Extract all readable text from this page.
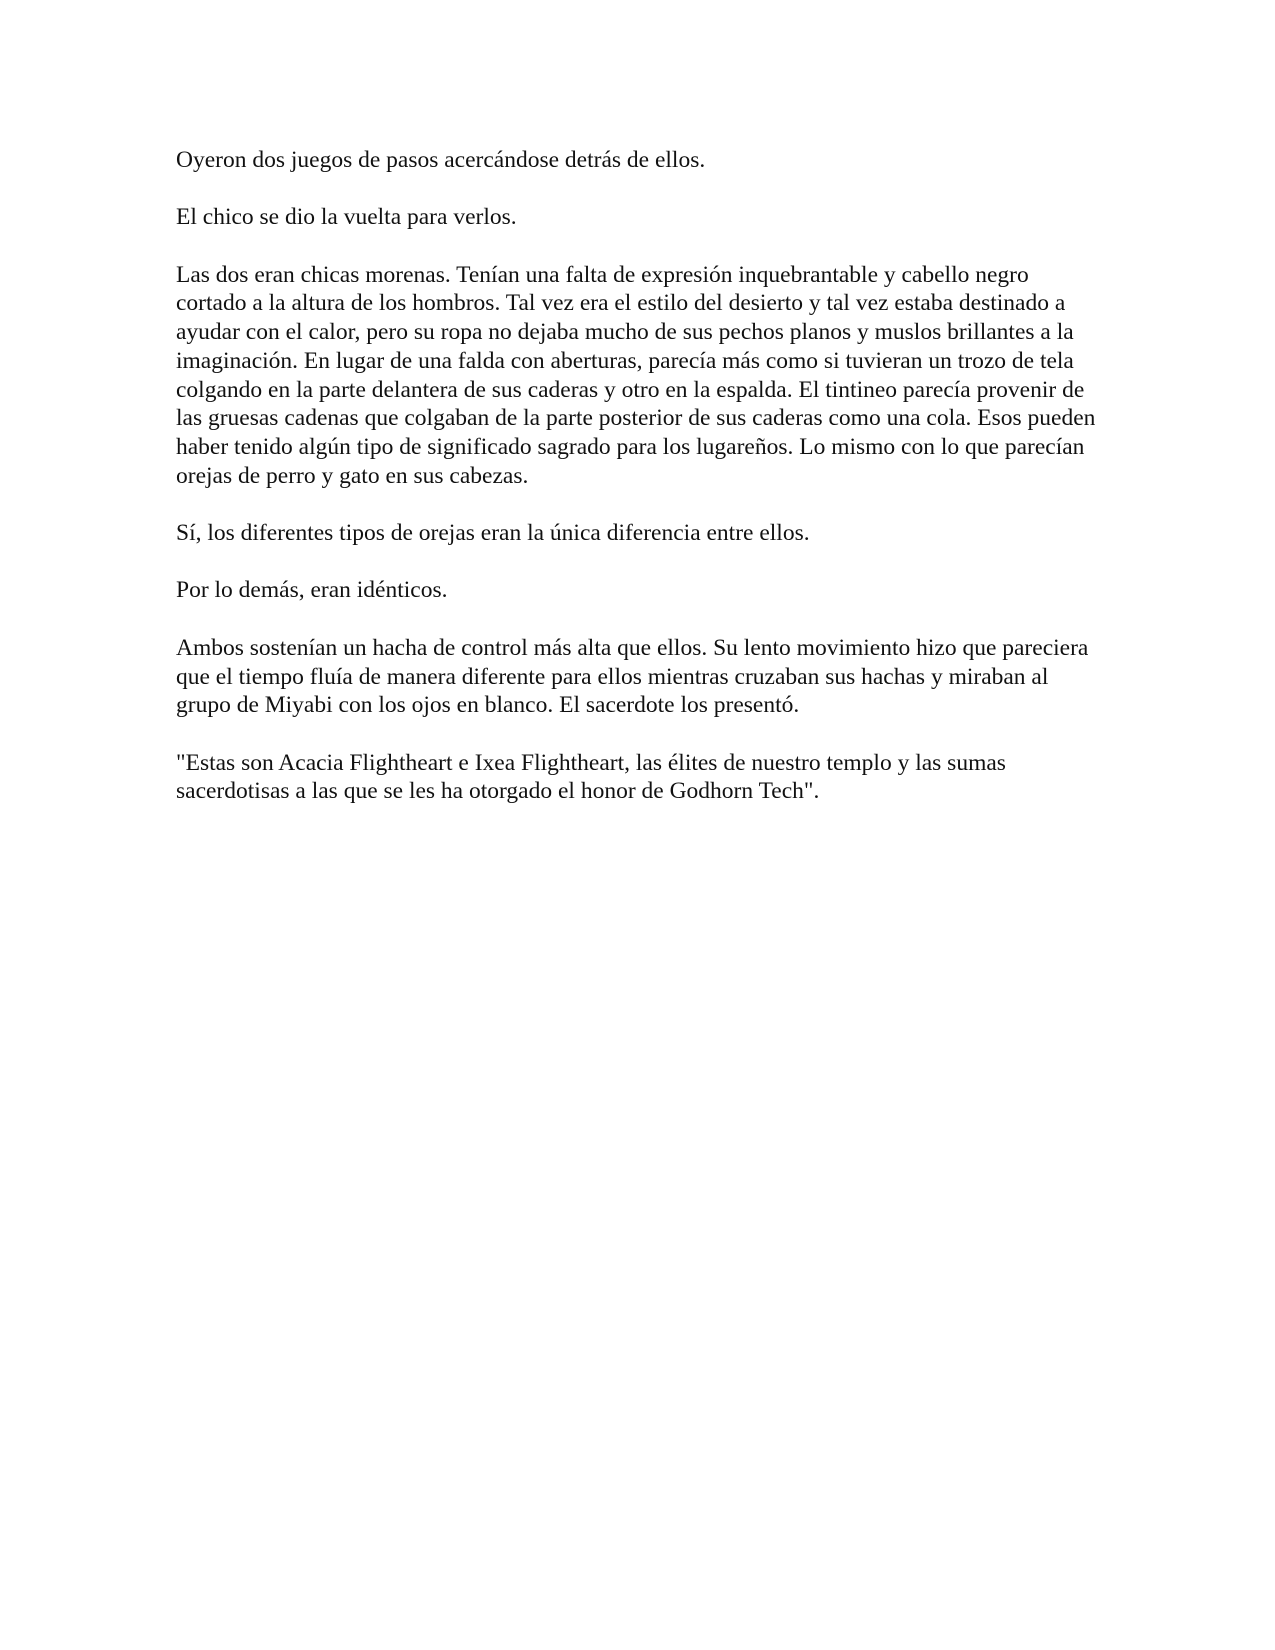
Oyeron dos juegos de pasos acercándose detrás de ellos.

El chico se dio la vuelta para verlos.

Las dos eran chicas morenas. Tenían una falta de expresión inquebrantable y cabello negro cortado a la altura de los hombros. Tal vez era el estilo del desierto y tal vez estaba destinado a ayudar con el calor, pero su ropa no dejaba mucho de sus pechos planos y muslos brillantes a la imaginación. En lugar de una falda con aberturas, parecía más como si tuvieran un trozo de tela colgando en la parte delantera de sus caderas y otro en la espalda. El tintineo parecía provenir de las gruesas cadenas que colgaban de la parte posterior de sus caderas como una cola. Esos pueden haber tenido algún tipo de significado sagrado para los lugareños. Lo mismo con lo que parecían orejas de perro y gato en sus cabezas.

Sí, los diferentes tipos de orejas eran la única diferencia entre ellos.

Por lo demás, eran idénticos.

Ambos sostenían un hacha de control más alta que ellos. Su lento movimiento hizo que pareciera que el tiempo fluía de manera diferente para ellos mientras cruzaban sus hachas y miraban al grupo de Miyabi con los ojos en blanco. El sacerdote los presentó.

"Estas son Acacia Flightheart e Ixea Flightheart, las élites de nuestro templo y las sumas sacerdotisas a las que se les ha otorgado el honor de Godhorn Tech".
